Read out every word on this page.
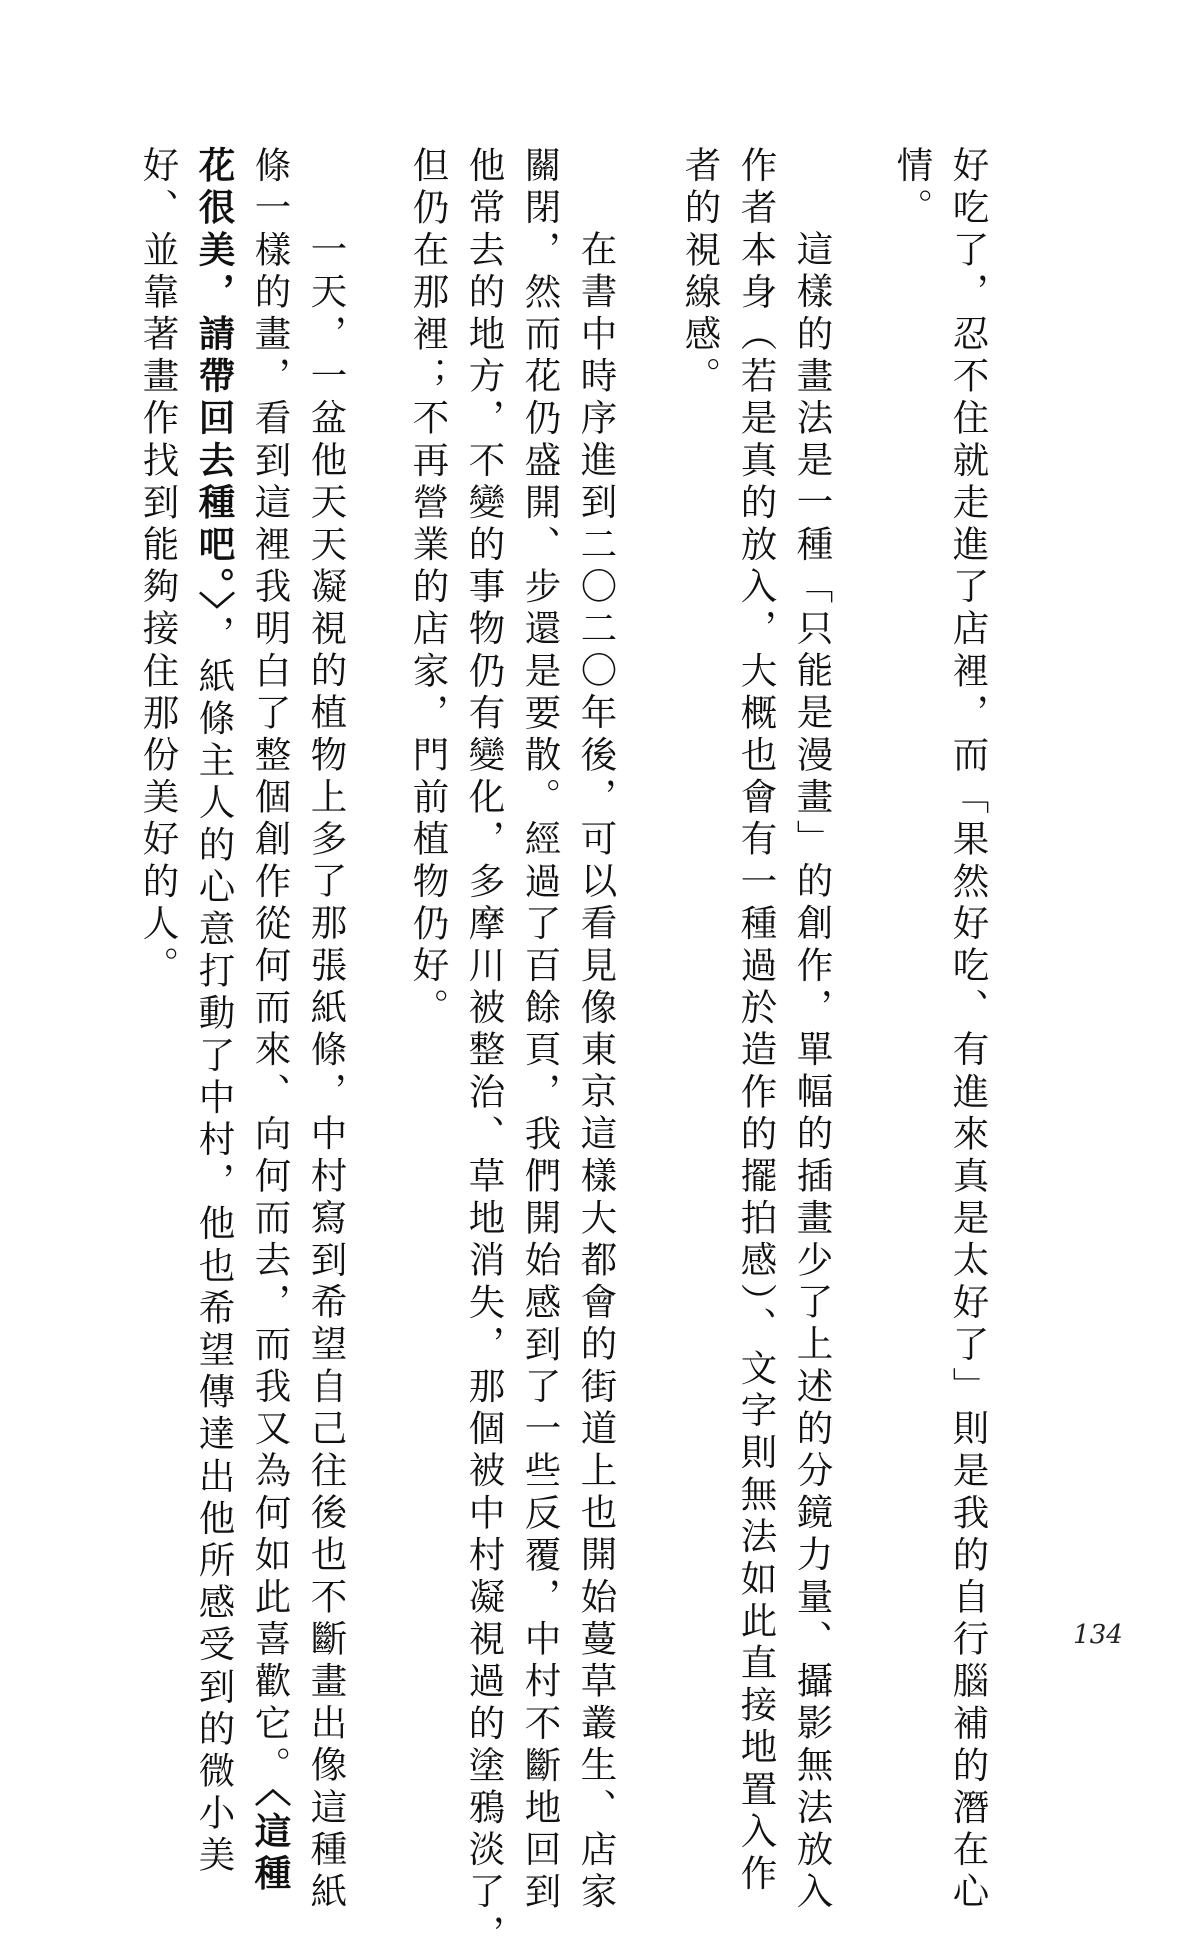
好吃了，忍不住就走進了店裡，而「果然好吃、有進來真是太好了」則是我的自行腦補的潛在心
情。
這樣的畫法是一種「只能是漫畫」的創作，單幅的插畫少了上述的分鏡力量、攝影無法放入
作者本身（若是真的放入，大概也會有一種過於造作的擺拍感）、文字則無法如此直接地置入作
者的視線感。
在書中時序進到二〇二〇年後，可以看見像東京這樣大都會的街道上也開始蔓草叢生、店家
關閉，然而花仍盛開、步還是要散。經過了百餘頁，我們開始感到了一些反覆，中村不斷地回到
他常去的地方，不變的事物仍有變化，多摩川被整治、草地消失，那個被中村凝視過的塗鴉淡了，
但仍在那裡；不再營業的店家，門前植物仍好。
一天，一盆他天天凝視的植物上多了那張紙條，中村寫到希望自己往後也不斷畫出像這種紙
條一樣的畫，看到這裡我明白了整個創作從何而來、向何而去，而我又為何如此喜歡它。〈這種
花很美，請帶回去種吧。〉，紙條主人的心意打動了中村，他也希望傳達出他所感受到的微小美
好、並靠著畫作找到能夠接住那份美好的人。
134
